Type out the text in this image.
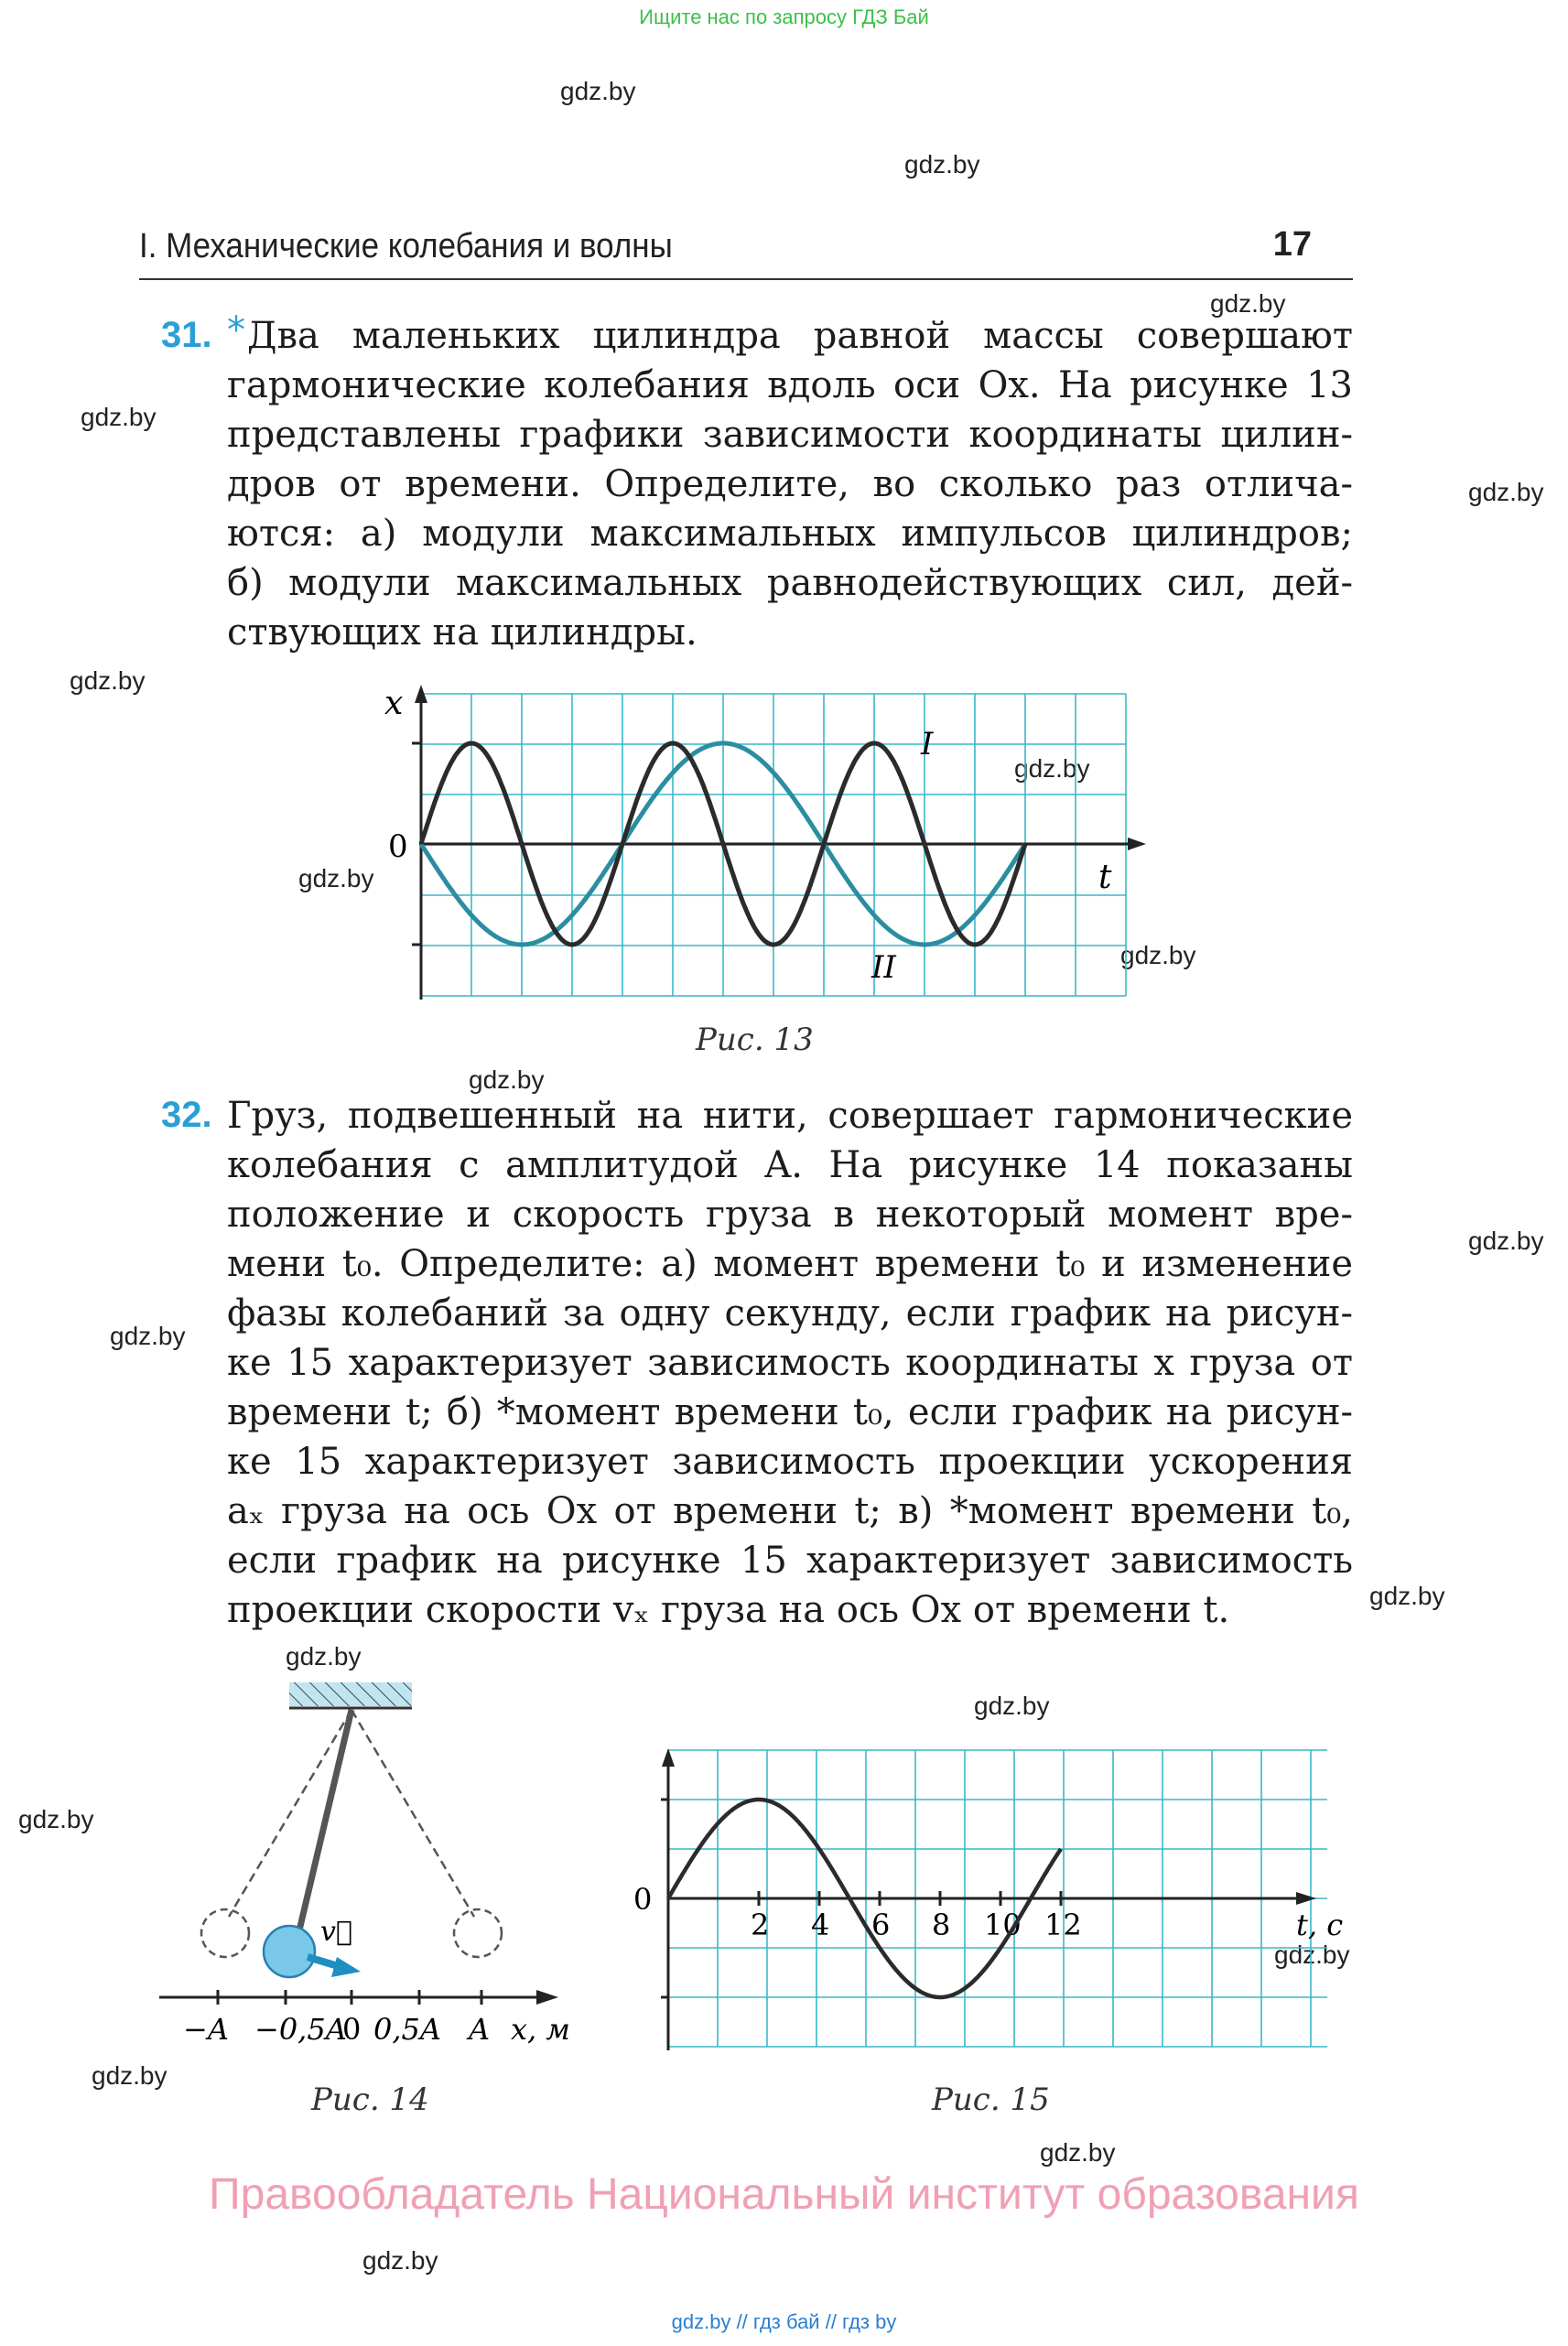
Ищите нас по запросу ГДЗ Бай
gdz.by
gdz.by
gdz.by
gdz.by
gdz.by
gdz.by
gdz.by
gdz.by
gdz.by
gdz.by
gdz.by
gdz.by
gdz.by
gdz.by
gdz.by
gdz.by
gdz.by
gdz.by
gdz.by
gdz.by
I. Механические колебания и волны	17
31. * Два маленьких цилиндра равной массы совершают
гармонические колебания вдоль оси Ox. На рисунке 13
представлены графики зависимости координаты цилин-
дров от времени. Определите, во сколько раз отлича-
ются: а) модули максимальных импульсов цилиндров;
б) модули максимальных равнодействующих сил, дей-
ствующих на цилиндры.
x
0
t
I
II
Рис. 13
32. Груз, подвешенный на нити, совершает гармонические
колебания с амплитудой A. На рисунке 14 показаны
положение и скорость груза в некоторый момент вре-
мени t₀. Определите: а) момент времени t₀ и изменение
фазы колебаний за одну секунду, если график на рисун-
ке 15 характеризует зависимость координаты x груза от
времени t; б) *момент времени t₀, если график на рисун-
ке 15 характеризует зависимость проекции ускорения
aₓ груза на ось Ox от времени t; в) *момент времени t₀,
если график на рисунке 15 характеризует зависимость
проекции скорости vₓ груза на ось Ox от времени t.
v⃗
−A −0,5A
0 0,5A A x, м
Рис. 14
2 4 6 8 10 12
0
t, с
Рис. 15
Правообладатель Национальный институт образования
gdz.by // гдз бай // гдз by
